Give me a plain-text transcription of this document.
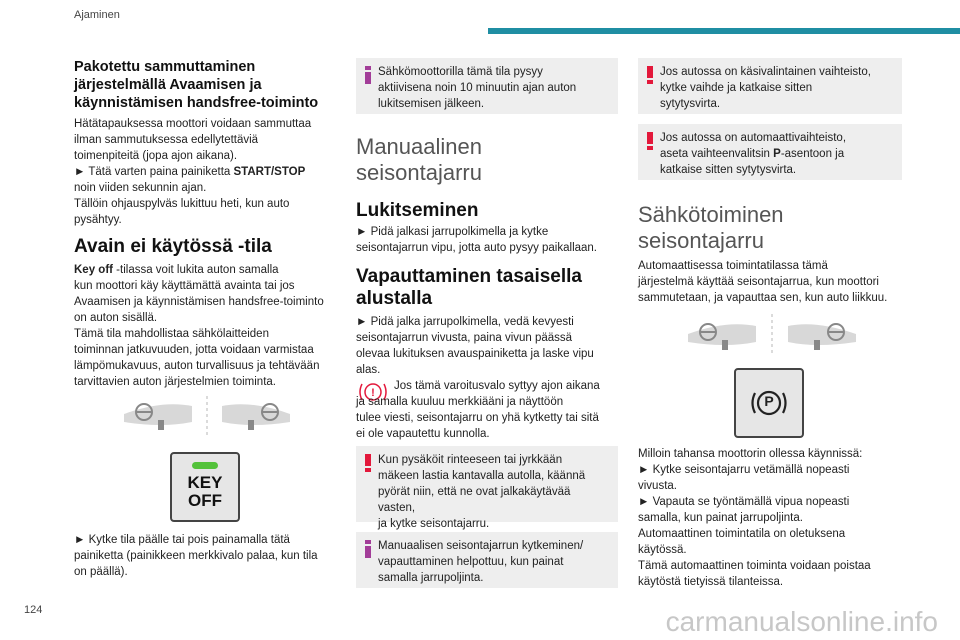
Ajaminen

Pakotettu sammuttaminen
järjestelmällä Avaamisen ja
käynnistämisen handsfree-toiminto

Hätätapauksessa moottori voidaan sammuttaa
ilman sammutuksessa edellytettäviä
toimenpiteitä (jopa ajon aikana).

► Tätä varten paina painiketta START/STOP
noin viiden sekunnin ajan.

Tällöin ohjauspylväs lukittuu heti, kun auto
pysähtyy.

Avain ei käytössä -tila

Key off -tilassa voit lukita auton samalla
kun moottori käy käyttämättä avainta tai jos
Avaamisen ja käynnistämisen handsfree-toiminto
on auton sisällä.

Tämä tila mahdollistaa sähkölaitteiden
toiminnan jatkuvuuden, jotta voidaan varmistaa
lämpömukavuus, auton turvallisuus ja tehtävään
tarvittavien auton järjestelmien toiminta.

KEY
OFF

► Kytke tila päälle tai pois painamalla tätä
painiketta (painikkeen merkkivalo palaa, kun tila
on päällä).

Sähkömoottorilla tämä tila pysyy
aktiivisena noin 10 minuutin ajan auton
lukitsemisen jälkeen.

Manuaalinen
seisontajarru

Lukitseminen

► Pidä jalkasi jarrupolkimella ja kytke
seisontajarrun vipu, jotta auto pysyy paikallaan.

Vapauttaminen tasaisella
alustalla

► Pidä jalka jarrupolkimella, vedä kevyesti
seisontajarrun vivusta, paina vivun päässä
olevaa lukituksen avauspainiketta ja laske vipu
alas.

!

Jos tämä varoitusvalo syttyy ajon aikana
ja samalla kuuluu merkkiääni ja näyttöön
tulee viesti, seisontajarru on yhä kytketty tai sitä
ei ole vapautettu kunnolla.

Kun pysäköit rinteeseen tai jyrkkään
mäkeen lastia kantavalla autolla, käännä
pyörät niin, että ne ovat jalkakäytävää vasten,
ja kytke seisontajarru.
Manuaalisen seisontajarrun kytkeminen/
vapauttaminen helpottuu, kun painat
samalla jarrupoljinta.
Jos autossa on käsivalintainen vaihteisto,
kytke vaihde ja katkaise sitten
sytytysvirta.
Jos autossa on automaattivaihteisto,
aseta vaihteenvalitsin P-asentoon ja
katkaise sitten sytytysvirta.

Sähkötoiminen
seisontajarru

Automaattisessa toimintatilassa tämä
järjestelmä käyttää seisontajarrua, kun moottori
sammutetaan, ja vapauttaa sen, kun auto liikkuu.

P

Milloin tahansa moottorin ollessa käynnissä:
► Kytke seisontajarru vetämällä nopeasti
vivusta.
► Vapauta se työntämällä vipua nopeasti
samalla, kun painat jarrupoljinta.
Automaattinen toimintatila on oletuksena
käytössä.
Tämä automaattinen toiminta voidaan poistaa
käytöstä tietyissä tilanteissa.

124	carmanualsonline.info
